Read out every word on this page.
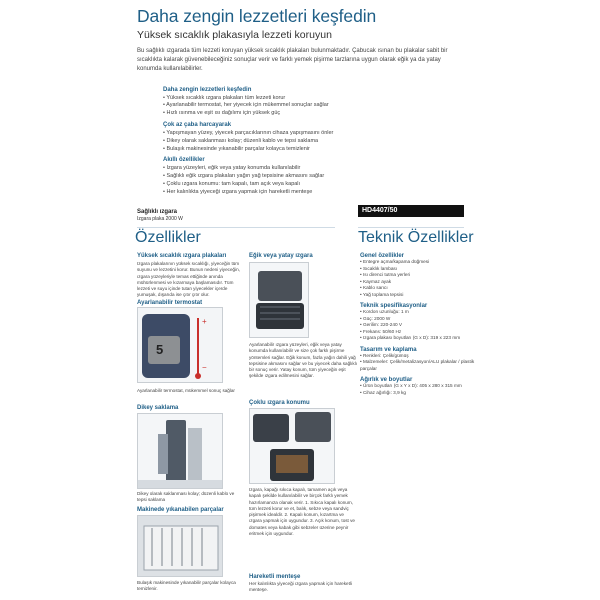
Daha zengin lezzetleri keşfedin
Yüksek sıcaklık plakasıyla lezzeti koruyun
Bu sağlıklı ızgarada tüm lezzeti koruyan yüksek sıcaklık plakaları bulunmaktadır. Çabucak ısınan bu plakalar sabit bir sıcaklıkta kalarak güvenebileceğiniz sonuçlar verir ve farklı yemek pişirme tarzlarına uygun olarak eğik ya da yatay konumda kullanılabilirler.
Daha zengin lezzetleri keşfedin
• Yüksek sıcaklık ızgara plakaları tüm lezzeti korur
• Ayarlanabilir termostat, her yiyecek için mükemmel sonuçlar sağlar
• Hızlı ısınma ve eşit ısı dağılımı için yüksek güç
Çok az çaba harcayarak
• Yapışmayan yüzey, yiyecek parçacıklarının cihaza yapışmasını önler
• Dikey olarak saklanması kolay; düzenli kablo ve tepsi saklama
• Bulaşık makinesinde yıkanabilir parçalar kolayca temizlenir
Akıllı özellikler
• Izgara yüzeyleri, eğik veya yatay konumda kullanılabilir
• Sağlıklı eğik ızgara plakaları yağın yağ tepsisine akmasını sağlar
• Çoklu ızgara konumu: tam kapalı, tam açık veya kapalı
• Her kalınlıkta yiyeceği ızgara yapmak için hareketli menteşe
Sağlıklı ızgara
Izgara plaka 2000 W
HD4407/50
Özellikler	Teknik Özellikler
Yüksek sıcaklık ızgara plakaları
Izgara plakalarının yüksek sıcaklığı, yiyeceğin tüm suyunu ve lezzetini korur. Bunun nedeni yiyeceğin, ızgara yüzeyleriyle temas ettiğinde anında mühürlenmesi ve kızarmaya başlamasıdır. Tüm lezzeti ve suyu içinde tutan yiyecekler içerde yumuşak, dışarıda ise çıtır çıtır olur.
Ayarlanabilir termostat
+
−
5
Ayarlanabilir termostat, mükemmel sonuç sağlar
Dikey saklama
Dikey olarak saklanması kolay; düzenli kablo ve tepsi saklama
Makinede yıkanabilen parçalar
Bulaşık makinesinde yıkanabilir parçalar kolayca temizlenir.
Eğik veya yatay ızgara
Ayarlanabilir ızgara yüzeyleri, eğik veya yatay konumda kullanılabilir ve size çok farklı pişirme yöntemleri sağlar. Eğik konum, fazla yağın dahili yağ tepsisine akmasını sağlar ve bu yiyecek daha sağlıklı bir sonuç verir. Yatay konum, tüm yiyeceğin eşit şekilde ızgara edilmesini sağlar.
Çoklu ızgara konumu
Izgara, kapağı sıkıca kapalı, tamamen açık veya kapalı şekilde kullanılabilir ve birçok farklı yemek hazırlamanıza olanak verir. 1. Sıkıca kapalı konum, tüm lezzeti korur ve et, balık, sebze veya sandviç pişirmek idealdir. 2. Kapalı konum, kızartma ve ızgara yapmak için uygundur. 3. Açık konum, tost ve domates veya kabak gibi sebzeler üzerine peynir eritmek için uygundur.
Hareketli menteşe
Her kalınlıkta yiyeceği ızgara yapmak için hareketli menteşe.
Genel özellikler
• Entegre açma/kapama düğmesi
• Sıcaklık lambası
• Isı direnci tutma yerleri
• Kaymaz ayak
• Kablo sarıcı
• Yağ toplama tepsisi
Teknik spesifikasyonlar
• Kordon uzunluğu: 1 m
• Güç: 2000 W
• Gerilim: 220-240 V
• Frekans: 50/60 Hz
• Izgara plakası boyutları (G x D): 319 x 223 mm
Tasarım ve kaplama
• Renkleri: Çelik/gümüş
• Malzemeler: Çelik/metalizasyon/ALU plakalar / plastik parçalar
Ağırlık ve boyutlar
• Ürün boyutları (G x Y x D): 405 x 280 x 315 mm
• Cihaz ağırlığı: 3,9 kg
